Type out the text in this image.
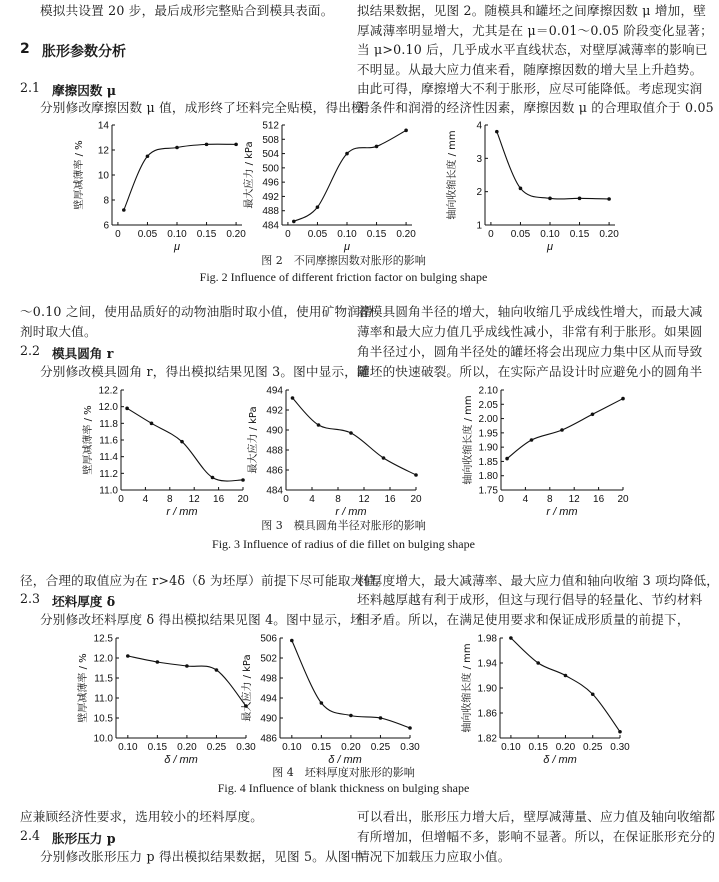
模拟共设置 20 步，最后成形完整贴合到模具表面。 拟结果数据，见图 2。随模具和罐坯之间摩擦因数 μ 增加，壁
厚减薄率明显增大，尤其是在 μ＝0.01～0.05 阶段变化显著；
当 μ>0.10 后，几乎成水平直线状态，对壁厚减薄率的影响已
不明显。从最大应力值来看，随摩擦因数的增大呈上升趋势。
由此可得，摩擦增大不利于胀形，应尽可能降低。考虑现实润
滑条件和润滑的经济性因素，摩擦因数 μ 的合理取值介于 0.05
2 胀形参数分析
2.1 摩擦因数 μ
分别修改摩擦因数 μ 值，成形终了坯料完全贴模，得出模
6
8
10
12
14
0 0.05 0.10 0.15 0.20
μ
壁厚减薄率 / %
484
488
492
496
500
504
508
512
0 0.05 0.10 0.15 0.20
μ
最大应力 / kPa
1
2
3
4
0 0.05 0.10 0.15 0.20
μ
轴向收缩长度 / mm
图 2　不同摩擦因数对胀形的影响
Fig. 2 Influence of different friction factor on bulging shape
～0.10 之间，使用品质好的动物油脂时取小值，使用矿物润滑
剂时取大值。
2.2 模具圆角 r
分别修改模具圆角 r，得出模拟结果见图 3。图中显示，随
着模具圆角半径的增大，轴向收缩几乎成线性增大，而最大减
薄率和最大应力值几乎成线性减小，非常有利于胀形。如果圆
角半径过小，圆角半径处的罐坯将会出现应力集中区从而导致
罐坯的快速破裂。所以，在实际产品设计时应避免小的圆角半
11.0
11.2
11.4
11.6
11.8
12.0
12.2
0 4 8 12 16 20
r / mm
壁厚减薄率 / %
484
486
488
490
492
494
0 4 8 12 16 20
r / mm
最大应力 / kPa
1.75
1.80
1.85
1.90
1.95
2.00
2.05
2.10
0 4 8 12 16 20
r / mm
轴向收缩长度 / mm
图 3　模具圆角半径对胀形的影响
Fig. 3 Influence of radius of die fillet on bulging shape
径，合理的取值应为在 r>4δ（δ 为坯厚）前提下尽可能取大值。
2.3 坯料厚度 δ
分别修改坯料厚度 δ 得出模拟结果见图 4。图中显示，坯
料厚度增大，最大减薄率、最大应力值和轴向收缩 3 项均降低，
坯料越厚越有利于成形，但这与现行倡导的轻量化、节约材料
相矛盾。所以，在满足使用要求和保证成形质量的前提下，
10.0
10.5
11.0
11.5
12.0
12.5
0.10 0.15 0.20 0.25 0.30
δ / mm
壁厚减薄率 / %
486
490
494
498
502
506
0.10 0.15 0.20 0.25 0.30
δ / mm
最大应力 / kPa
1.82
1.86
1.90
1.94
1.98
0.10 0.15 0.20 0.25 0.30
δ / mm
轴向收缩长度 / mm
图 4　坯料厚度对胀形的影响
Fig. 4 Influence of blank thickness on bulging shape
应兼顾经济性要求，选用较小的坯料厚度。
2.4 胀形压力 p
分别修改胀形压力 p 得出模拟结果数据，见图 5。从图中
可以看出，胀形压力增大后，壁厚减薄量、应力值及轴向收缩都
有所增加，但增幅不多，影响不显著。所以，在保证胀形充分的
情况下加载压力应取小值。
